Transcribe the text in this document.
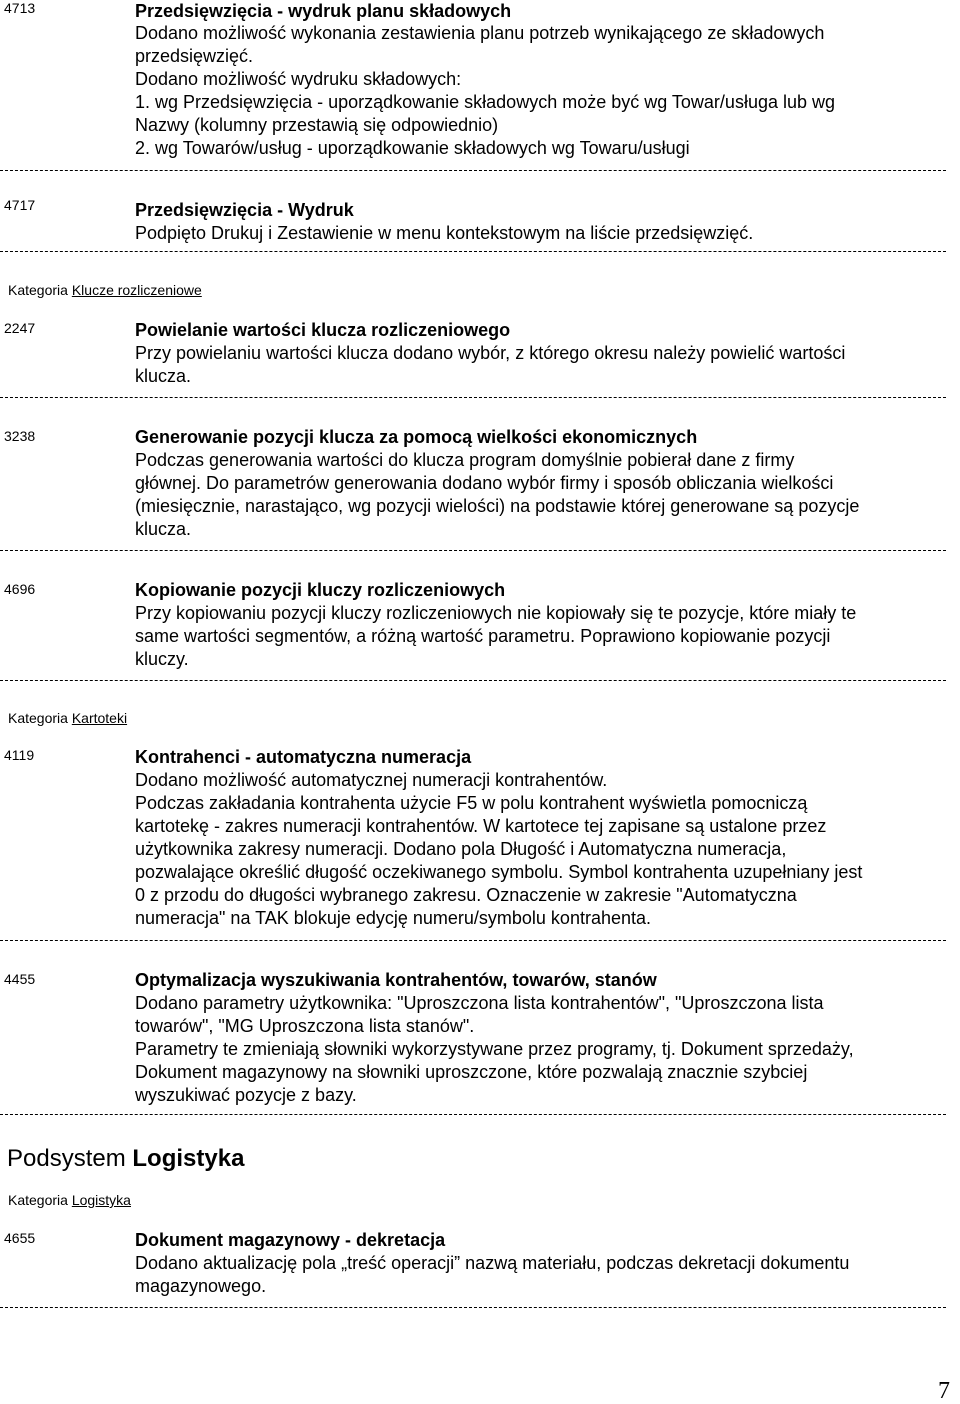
4713	Przedsięwzięcia - wydruk planu składowych
Dodano możliwość wykonania zestawienia planu potrzeb wynikającego ze składowych
przedsięwzięć.
Dodano możliwość wydruku składowych:
1. wg Przedsięwzięcia - uporządkowanie składowych może być wg Towar/usługa lub wg
Nazwy (kolumny przestawią się odpowiednio)
2. wg Towarów/usług - uporządkowanie składowych wg Towaru/usługi
4717	Przedsięwzięcia - Wydruk
Podpięto Drukuj i Zestawienie w menu kontekstowym na liście przedsięwzięć.
Kategoria Klucze rozliczeniowe
2247	Powielanie wartości klucza rozliczeniowego
Przy powielaniu wartości klucza dodano wybór, z którego okresu należy powielić wartości
klucza.
3238	Generowanie pozycji klucza za pomocą wielkości ekonomicznych
Podczas generowania wartości do klucza program domyślnie pobierał dane z firmy
głównej. Do parametrów generowania dodano wybór firmy i sposób obliczania wielkości
(miesięcznie, narastająco, wg pozycji wielości) na podstawie której generowane są pozycje
klucza.
4696	Kopiowanie pozycji kluczy rozliczeniowych
Przy kopiowaniu pozycji kluczy rozliczeniowych nie kopiowały się te pozycje, które miały te
same wartości segmentów, a różną wartość parametru. Poprawiono kopiowanie pozycji
kluczy.
Kategoria Kartoteki
4119	Kontrahenci - automatyczna numeracja
Dodano możliwość automatycznej numeracji kontrahentów.
Podczas zakładania kontrahenta użycie F5 w polu kontrahent wyświetla pomocniczą
kartotekę - zakres numeracji kontrahentów. W kartotece tej zapisane są ustalone przez
użytkownika zakresy numeracji. Dodano pola Długość i Automatyczna numeracja,
pozwalające określić długość oczekiwanego symbolu. Symbol kontrahenta uzupełniany jest
0 z przodu do długości wybranego zakresu. Oznaczenie w zakresie "Automatyczna
numeracja" na TAK blokuje edycję numeru/symbolu kontrahenta.
4455	Optymalizacja wyszukiwania kontrahentów, towarów, stanów
Dodano parametry użytkownika: "Uproszczona lista kontrahentów", "Uproszczona lista
towarów", "MG Uproszczona lista stanów".
Parametry te zmieniają słowniki wykorzystywane przez programy, tj. Dokument sprzedaży,
Dokument magazynowy na słowniki uproszczone, które pozwalają znacznie szybciej
wyszukiwać pozycje z bazy.
Podsystem Logistyka
Kategoria Logistyka
4655	Dokument magazynowy - dekretacja
Dodano aktualizację pola „treść operacji” nazwą materiału, podczas dekretacji dokumentu
magazynowego.
7
